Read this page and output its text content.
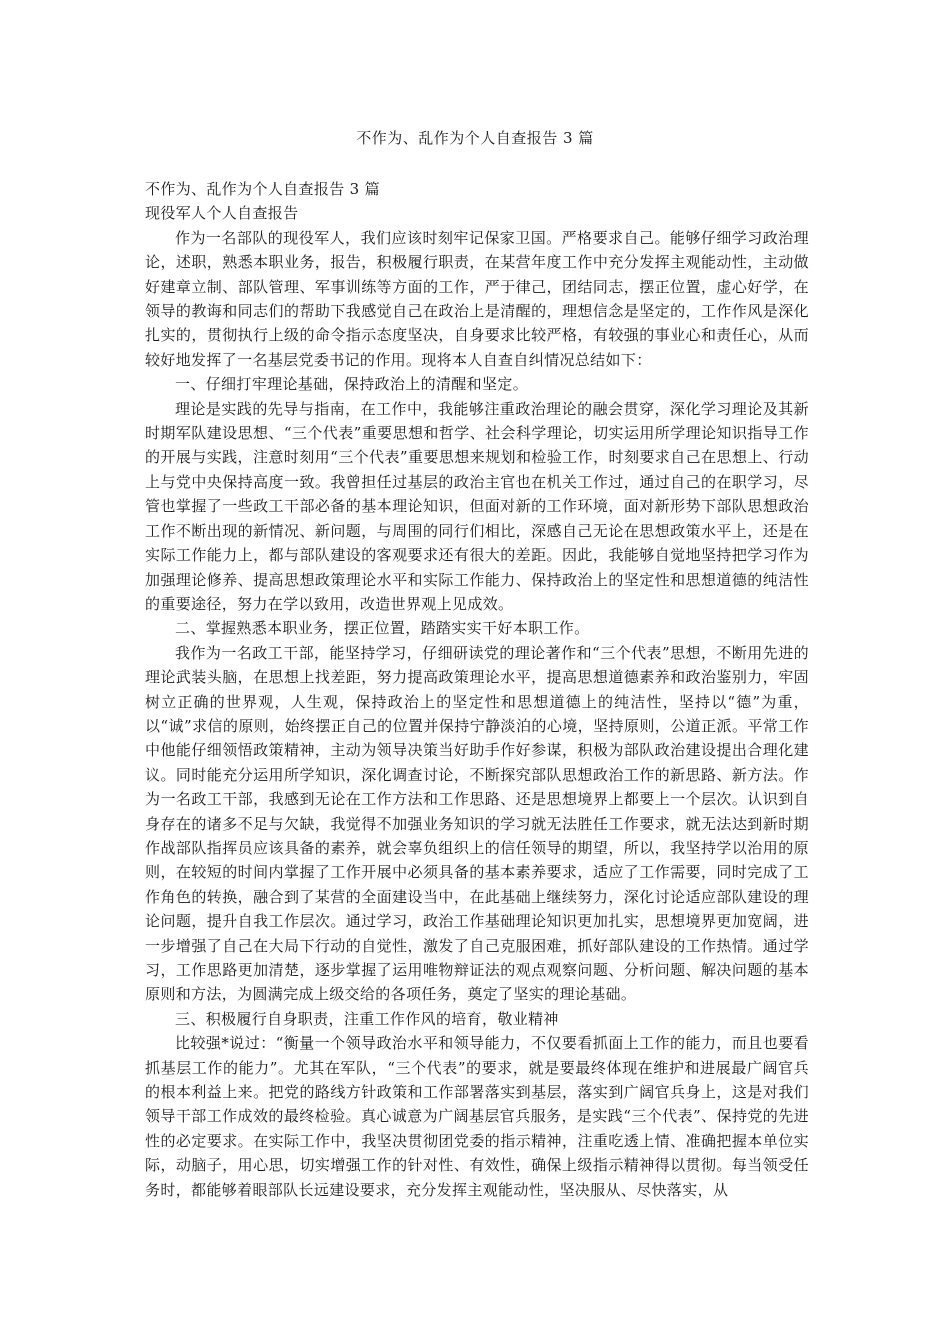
不作为、乱作为个人自查报告 3 篇

不作为、乱作为个人自查报告 3 篇

现役军人个人自查报告

作为一名部队的现役军人，我们应该时刻牢记保家卫国。严格要求自己。能够仔细学习政治理论，述职，熟悉本职业务，报告，积极履行职责，在某营年度工作中充分发挥主观能动性，主动做好建章立制、部队管理、军事训练等方面的工作，严于律己，团结同志，摆正位置，虚心好学，在领导的教诲和同志们的帮助下我感觉自己在政治上是清醒的，理想信念是坚定的，工作作风是深化扎实的，贯彻执行上级的命令指示态度坚决，自身要求比较严格，有较强的事业心和责任心，从而较好地发挥了一名基层党委书记的作用。现将本人自查自纠情况总结如下：

一、仔细打牢理论基础，保持政治上的清醒和坚定。

理论是实践的先导与指南，在工作中，我能够注重政治理论的融会贯穿，深化学习理论及其新时期军队建设思想、“三个代表”重要思想和哲学、社会科学理论，切实运用所学理论知识指导工作的开展与实践，注意时刻用“三个代表”重要思想来规划和检验工作，时刻要求自己在思想上、行动上与党中央保持高度一致。我曾担任过基层的政治主官也在机关工作过，通过自己的在职学习，尽管也掌握了一些政工干部必备的基本理论知识，但面对新的工作环境，面对新形势下部队思想政治工作不断出现的新情况、新问题，与周围的同行们相比，深感自己无论在思想政策水平上，还是在实际工作能力上，都与部队建设的客观要求还有很大的差距。因此，我能够自觉地坚持把学习作为加强理论修养、提高思想政策理论水平和实际工作能力、保持政治上的坚定性和思想道德的纯洁性的重要途径，努力在学以致用，改造世界观上见成效。

二、掌握熟悉本职业务，摆正位置，踏踏实实干好本职工作。

我作为一名政工干部，能坚持学习，仔细研读党的理论著作和“三个代表”思想，不断用先进的理论武装头脑，在思想上找差距，努力提高政策理论水平，提高思想道德素养和政治鉴别力，牢固树立正确的世界观，人生观，保持政治上的坚定性和思想道德上的纯洁性，坚持以“德”为重，以“诚”求信的原则，始终摆正自己的位置并保持宁静淡泊的心境，坚持原则，公道正派。平常工作中他能仔细领悟政策精神，主动为领导决策当好助手作好参谋，积极为部队政治建设提出合理化建议。同时能充分运用所学知识，深化调查讨论，不断探究部队思想政治工作的新思路、新方法。作为一名政工干部，我感到无论在工作方法和工作思路、还是思想境界上都要上一个层次。认识到自身存在的诸多不足与欠缺，我觉得不加强业务知识的学习就无法胜任工作要求，就无法达到新时期作战部队指挥员应该具备的素养，就会辜负组织上的信任领导的期望，所以，我坚持学以治用的原则，在较短的时间内掌握了工作开展中必须具备的基本素养要求，适应了工作需要，同时完成了工作角色的转换，融合到了某营的全面建设当中，在此基础上继续努力，深化讨论适应部队建设的理论问题，提升自我工作层次。通过学习，政治工作基础理论知识更加扎实，思想境界更加宽阔，进一步增强了自己在大局下行动的自觉性，激发了自己克服困难，抓好部队建设的工作热情。通过学习，工作思路更加清楚，逐步掌握了运用唯物辩证法的观点观察问题、分析问题、解决问题的基本原则和方法，为圆满完成上级交给的各项任务，奠定了坚实的理论基础。

三、积极履行自身职责，注重工作作风的培育，敬业精神

比较强*说过：“衡量一个领导政治水平和领导能力，不仅要看抓面上工作的能力，而且也要看抓基层工作的能力”。尤其在军队，“三个代表”的要求，就是要最终体现在维护和进展最广阔官兵的根本利益上来。把党的路线方针政策和工作部署落实到基层，落实到广阔官兵身上，这是对我们领导干部工作成效的最终检验。真心诚意为广阔基层官兵服务，是实践“三个代表”、保持党的先进性的必定要求。在实际工作中，我坚决贯彻团党委的指示精神，注重吃透上情、准确把握本单位实际，动脑子，用心思，切实增强工作的针对性、有效性，确保上级指示精神得以贯彻。每当领受任务时，都能够着眼部队长远建设要求，充分发挥主观能动性，坚决服从、尽快落实，从
